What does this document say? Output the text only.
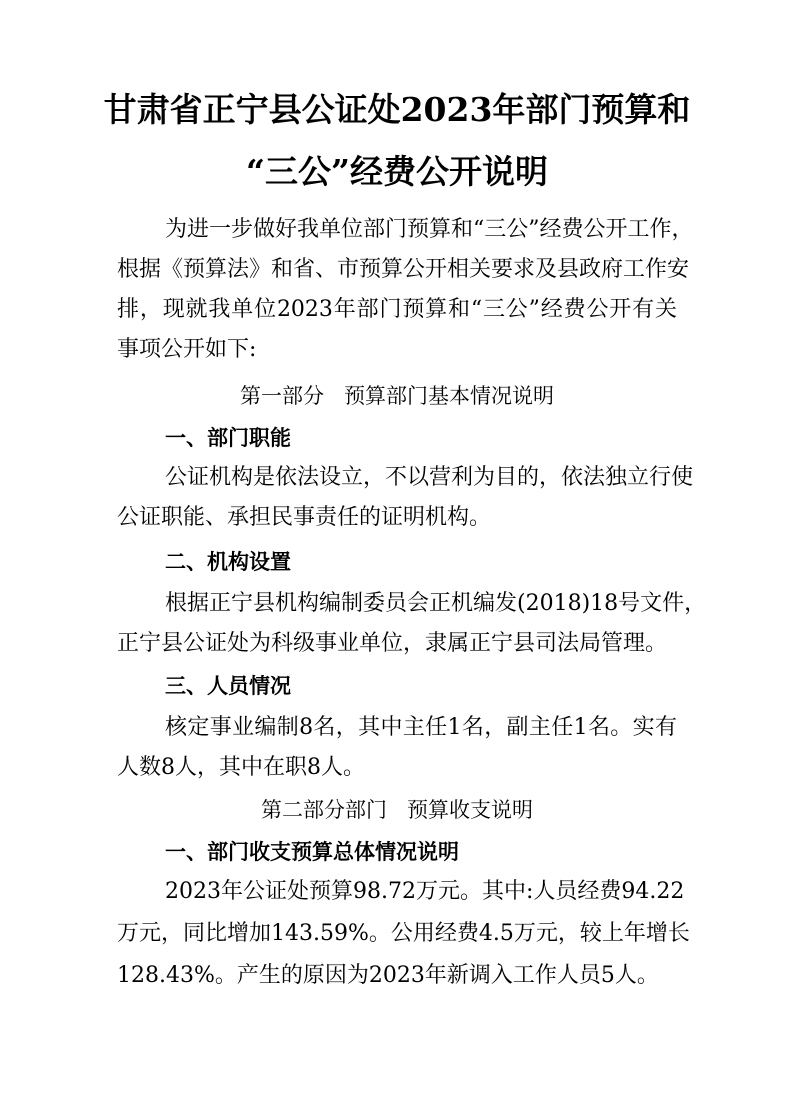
甘肃省正宁县公证处2023年部门预算和
“三公”经费公开说明
为进一步做好我单位部门预算和“三公”经费公开工作，
根据《预算法》和省、市预算公开相关要求及县政府工作安
排，现就我单位2023年部门预算和“三公”经费公开有关
事项公开如下:
第一部分   预算部门基本情况说明
一、部门职能
公证机构是依法设立，不以营利为目的，依法独立行使
公证职能、承担民事责任的证明机构。
二、机构设置
根据正宁县机构编制委员会正机编发(2018)18号文件，
正宁县公证处为科级事业单位，隶属正宁县司法局管理。
三、人员情况
核定事业编制8名，其中主任1名，副主任1名。实有
人数8人，其中在职8人。
第二部分部门   预算收支说明
一、部门收支预算总体情况说明
2023年公证处预算98.72万元。其中:人员经费94.22
万元，同比增加143.59%。公用经费4.5万元，较上年增长
128.43%。产生的原因为2023年新调入工作人员5人。
